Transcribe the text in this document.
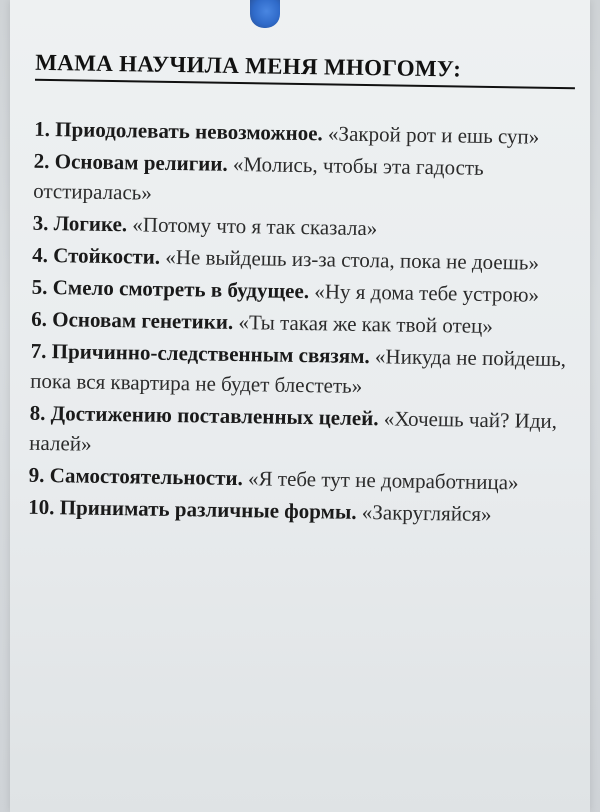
МАМА НАУЧИЛА МЕНЯ МНОГОМУ:
1. Приодолевать невозможное. «Закрой рот и ешь суп»
2. Основам религии. «Молись, чтобы эта гадость отстиралась»
3. Логике. «Потому что я так сказала»
4. Стойкости. «Не выйдешь из-за стола, пока не доешь»
5. Смело смотреть в будущее. «Ну я дома тебе устрою»
6. Основам генетики. «Ты такая же как твой отец»
7. Причинно-следственным связям. «Никуда не пойдешь, пока вся квартира не будет блестеть»
8. Достижению поставленных целей. «Хочешь чай? Иди, налей»
9. Самостоятельности. «Я тебе тут не домработница»
10. Принимать различные формы. «Закругляйся»
